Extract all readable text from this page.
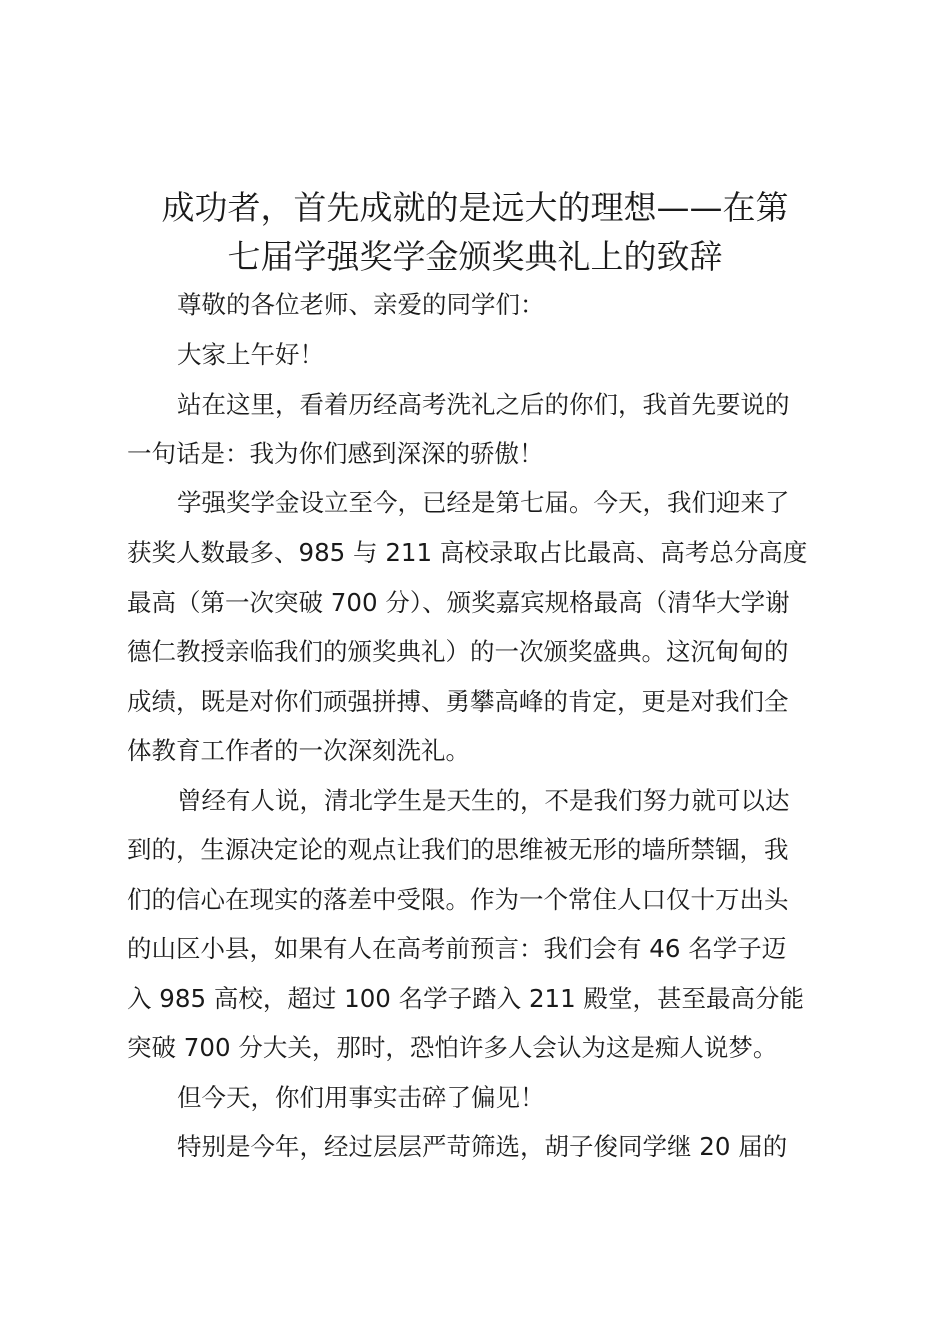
成功者，首先成就的是远大的理想——在第
七届学强奖学金颁奖典礼上的致辞

尊敬的各位老师、亲爱的同学们：

大家上午好！

站在这里，看着历经高考洗礼之后的你们，我首先要说的

一句话是：我为你们感到深深的骄傲！

学强奖学金设立至今，已经是第七届。今天，我们迎来了

获奖人数最多、985 与 211 高校录取占比最高、高考总分高度

最高（第一次突破 700 分）、颁奖嘉宾规格最高（清华大学谢

德仁教授亲临我们的颁奖典礼）的一次颁奖盛典。这沉甸甸的

成绩，既是对你们顽强拼搏、勇攀高峰的肯定，更是对我们全

体教育工作者的一次深刻洗礼。

曾经有人说，清北学生是天生的，不是我们努力就可以达

到的，生源决定论的观点让我们的思维被无形的墙所禁锢，我

们的信心在现实的落差中受限。作为一个常住人口仅十万出头

的山区小县，如果有人在高考前预言：我们会有 46 名学子迈

入 985 高校，超过 100 名学子踏入 211 殿堂，甚至最高分能

突破 700 分大关，那时，恐怕许多人会认为这是痴人说梦。

但今天，你们用事实击碎了偏见！

特别是今年，经过层层严苛筛选，胡子俊同学继 20 届的
